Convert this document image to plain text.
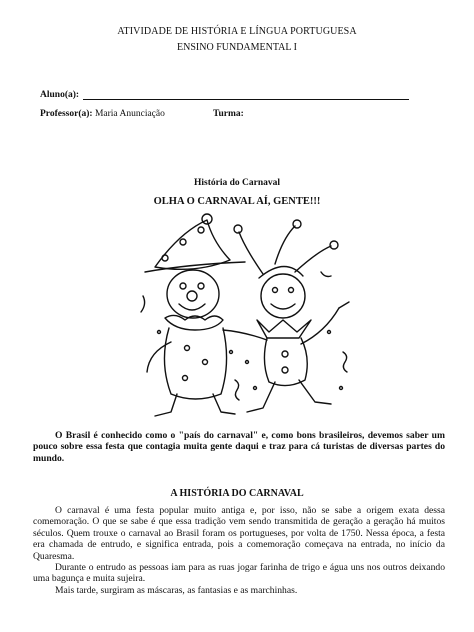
ATIVIDADE DE HISTÓRIA E LÍNGUA PORTUGUESA
ENSINO FUNDAMENTAL I
Aluno(a):
Professor(a): Maria Anunciação	Turma:
História do Carnaval
OLHA O CARNAVAL AÍ, GENTE!!!
O Brasil é conhecido como o "país do carnaval" e, como bons brasileiros, devemos saber um pouco sobre essa festa que contagia muita gente daqui e traz para cá turistas de diversas partes do mundo.
A HISTÓRIA DO CARNAVAL

O carnaval é uma festa popular muito antiga e, por isso, não se sabe a origem exata dessa comemoração. O que se sabe é que essa tradição vem sendo transmitida de geração a geração há muitos séculos. Quem trouxe o carnaval ao Brasil foram os portugueses, por volta de 1750. Nessa época, a festa era chamada de entrudo, e significa entrada, pois a comemoração começava na entrada, no início da Quaresma.

Durante o entrudo as pessoas iam para as ruas jogar farinha de trigo e água uns nos outros deixando uma bagunça e muita sujeira.

Mais tarde, surgiram as máscaras, as fantasias e as marchinhas.
